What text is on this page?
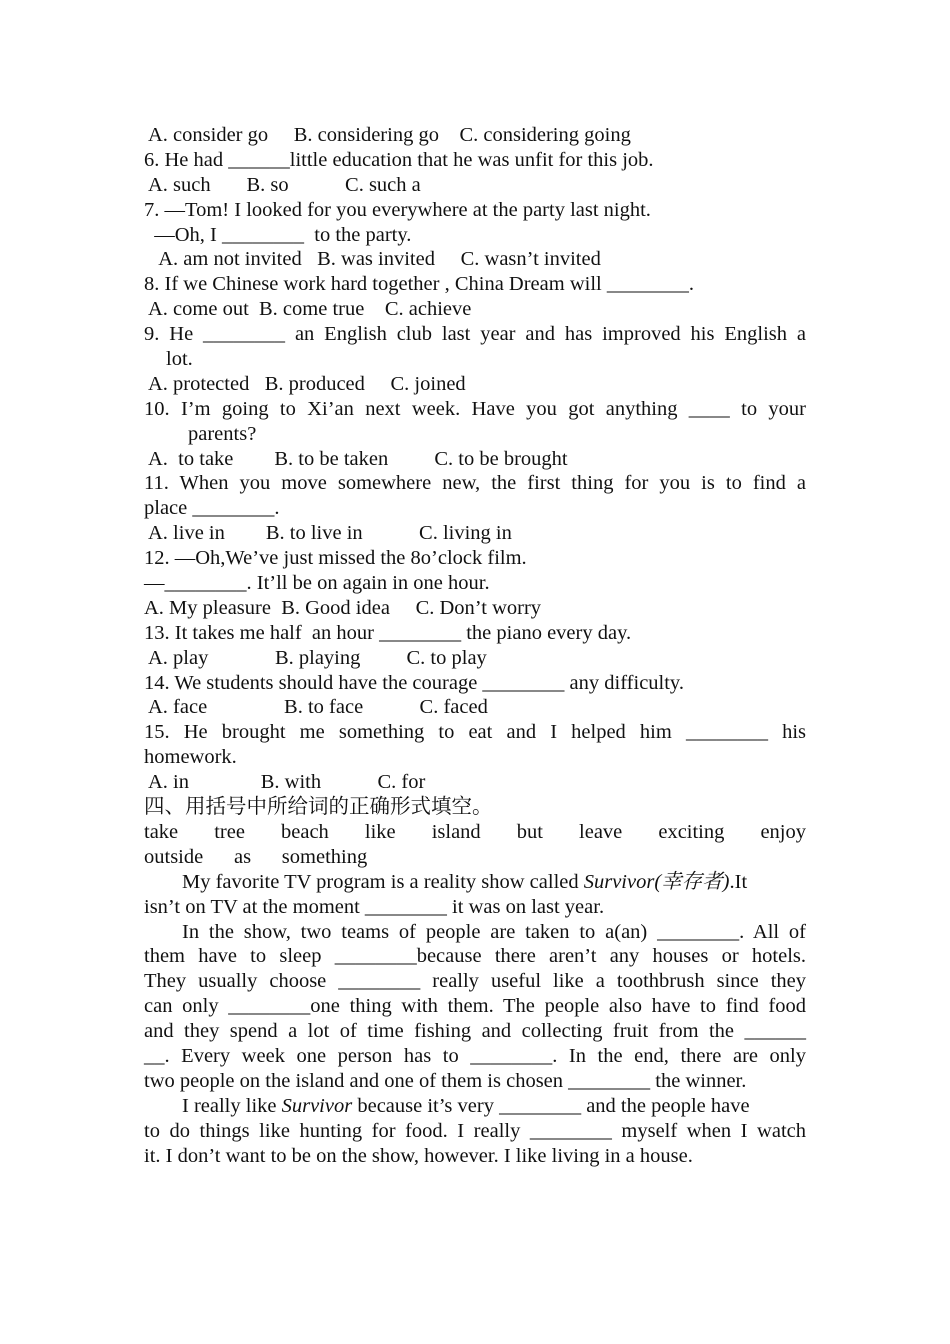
A. consider go     B. considering go    C. considering going
6. He had ______little education that he was unfit for this job.
A. such       B. so           C. such a
7. —Tom! I looked for you everywhere at the party last night.
—Oh, I ________  to the party.
A. am not invited   B. was invited     C. wasn’t invited
8. If we Chinese work hard together , China Dream will ________.
A. come out  B. come true    C. achieve
9. He ________ an English club last year and has improved his English a
lot.
A. protected   B. produced     C. joined
10. I’m going to Xi’an next week. Have you got anything ____ to your
parents?
A.  to take        B. to be taken         C. to be brought
11. When you move somewhere new, the first thing for you is to find a
place ________.
A. live in        B. to live in           C. living in
12. —Oh,We’ve just missed the 8o’clock film.
—________. It’ll be on again in one hour.
A. My pleasure  B. Good idea     C. Don’t worry
13. It takes me half  an hour ________ the piano every day.
A. play             B. playing         C. to play
14. We students should have the courage ________ any difficulty.
A. face               B. to face           C. faced
15. He brought me something to eat and I helped him ________ his
homework.
A. in              B. with           C. for
四、用括号中所给词的正确形式填空。
take tree beach like island but leave exciting enjoy
outside      as      something
My favorite TV program is a reality show called Survivor(幸存者).It
isn’t on TV at the moment ________ it was on last year.
In the show, two teams of people are taken to a(an) ________. All of
them have to sleep ________because there aren’t any houses or hotels.
They usually choose ________ really useful like a toothbrush since they
can only ________one thing with them. The people also have to find food
and they spend a lot of time fishing and collecting fruit from the ______
__. Every week one person has to ________. In the end, there are only
two people on the island and one of them is chosen ________ the winner.
I really like Survivor because it’s very ________ and the people have
to do things like hunting for food. I really ________ myself when I watch
it. I don’t want to be on the show, however. I like living in a house.
